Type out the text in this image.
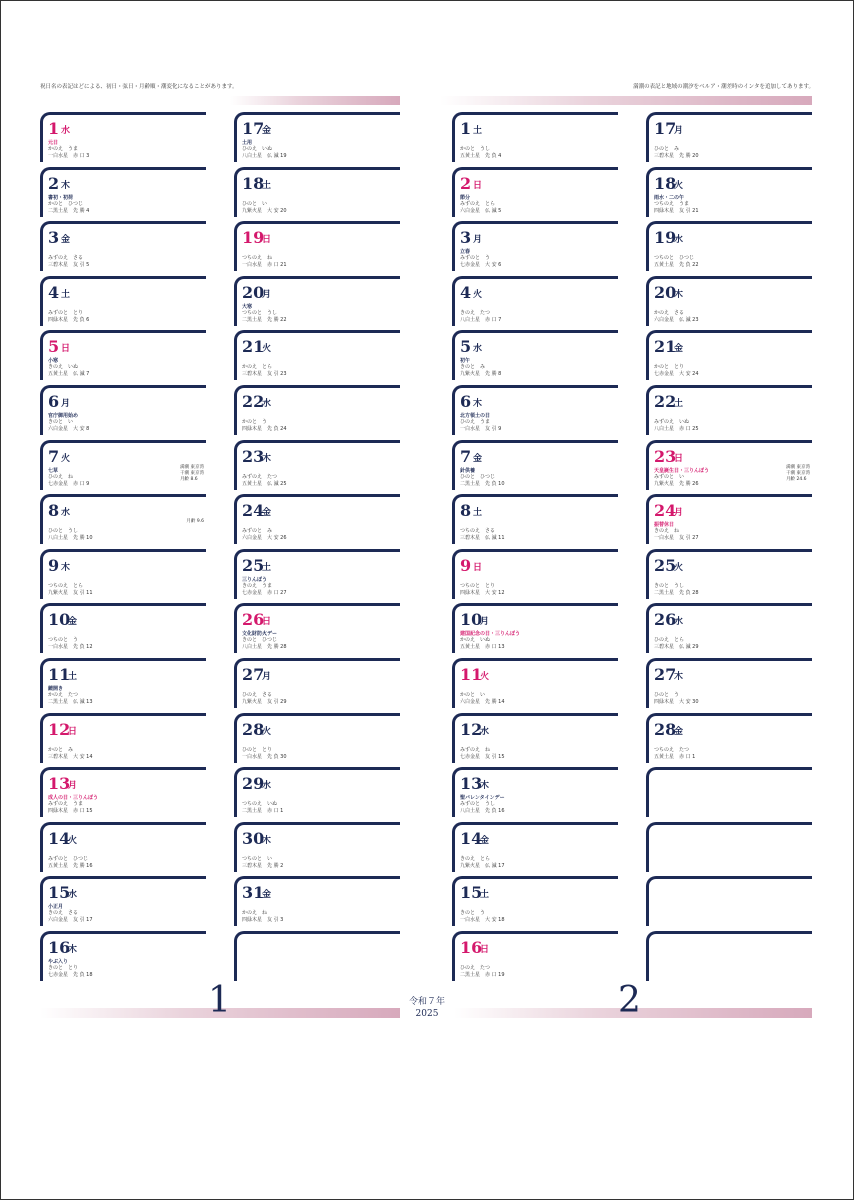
祝日名の表記はどによる、初日・弦日・月齢順・潮変化になることがあります。	満潮の表記と地域の潮汐をベルア・潮差時のインタを追加してあります。
1 水
元日
かのえ　うま
一白水星　赤 口 3
2 木
書初・初荷
かのと　ひつじ
二黒土星　先 勝 4
3 金
みずのえ　さる
三碧木星　友 引 5
4 土
みずのと　とり
四緑木星　先 負 6
5 日
小寒
きのえ　いぬ
五黄土星　仏 滅 7
6 月
官庁御用始め
きのと　い
六白金星　大 安 8
7 火
七草
ひのえ　ね
七赤金星　赤 口 9
満潮 東京湾
干潮 東京湾
月齢 8.6
8 水
ひのと　うし
八白土星　先 勝 10
月齢 9.6
9 木
つちのえ　とら
九紫火星　友 引 11
10
金
つちのと　う
一白水星　先 負 12
11
土
鏡開き
かのえ　たつ
二黒土星　仏 滅 13
12
日
かのと　み
三碧木星　大 安 14
13
月
成人の日・三りんぼう
みずのえ　うま
四緑木星　赤 口 15
14
火
みずのと　ひつじ
五黄土星　先 勝 16
15
水
小正月
きのえ　さる
六白金星　友 引 17
16
木
やぶ入り
きのと　とり
七赤金星　先 負 18
17
金
土用
ひのえ　いぬ
八白土星　仏 滅 19
18
土
ひのと　い
九紫火星　大 安 20
19
日
つちのえ　ね
一白水星　赤 口 21
20
月
大寒
つちのと　うし
二黒土星　先 勝 22
21
火
かのえ　とら
三碧木星　友 引 23
22
水
かのと　う
四緑木星　先 負 24
23
木
みずのえ　たつ
五黄土星　仏 滅 25
24
金
みずのと　み
六白金星　大 安 26
25
土
三りんぼう
きのえ　うま
七赤金星　赤 口 27
26
日
文化財防火デー
きのと　ひつじ
八白土星　先 勝 28
27
月
ひのえ　さる
九紫火星　友 引 29
28
火
ひのと　とり
一白水星　先 負 30
29
水
つちのえ　いぬ
二黒土星　赤 口 1
30
木
つちのと　い
三碧木星　先 勝 2
31
金
かのえ　ね
四緑木星　友 引 3
1 土
かのと　うし
五黄土星　先 負 4
2 日
節分
みずのえ　とら
六白金星　仏 滅 5
3 月
立春
みずのと　う
七赤金星　大 安 6
4 火
きのえ　たつ
八白土星　赤 口 7
5 水
初午
きのと　み
九紫火星　先 勝 8
6 木
北方領土の日
ひのえ　うま
一白水星　友 引 9
7 金
針供養
ひのと　ひつじ
二黒土星　先 負 10
8 土
つちのえ　さる
三碧木星　仏 滅 11
9 日
つちのと　とり
四緑木星　大 安 12
10
月
建国記念の日・三りんぼう
かのえ　いぬ
五黄土星　赤 口 13
11
火
かのと　い
六白金星　先 勝 14
12
水
みずのえ　ね
七赤金星　友 引 15
13
木
聖バレンタインデー
みずのと　うし
八白土星　先 負 16
14
金
きのえ　とら
九紫火星　仏 滅 17
15
土
きのと　う
一白水星　大 安 18
16
日
ひのえ　たつ
二黒土星　赤 口 19
17
月
ひのと　み
三碧木星　先 勝 20
18
火
雨水・二の午
つちのえ　うま
四緑木星　友 引 21
19
水
つちのと　ひつじ
五黄土星　先 負 22
20
木
かのえ　さる
六白金星　仏 滅 23
21
金
かのと　とり
七赤金星　大 安 24
22
土
みずのえ　いぬ
八白土星　赤 口 25
23
日
天皇誕生日・三りんぼう
みずのと　い
九紫火星　先 勝 26
満潮 東京湾
干潮 東京湾
月齢 24.6
24
月
振替休日
きのえ　ね
一白水星　友 引 27
25
火
きのと　うし
二黒土星　先 負 28
26
水
ひのえ　とら
三碧木星　仏 滅 29
27
木
ひのと　う
四緑木星　大 安 30
28
金
つちのえ　たつ
五黄土星　赤 口 1
1	2
令和７年
2025
